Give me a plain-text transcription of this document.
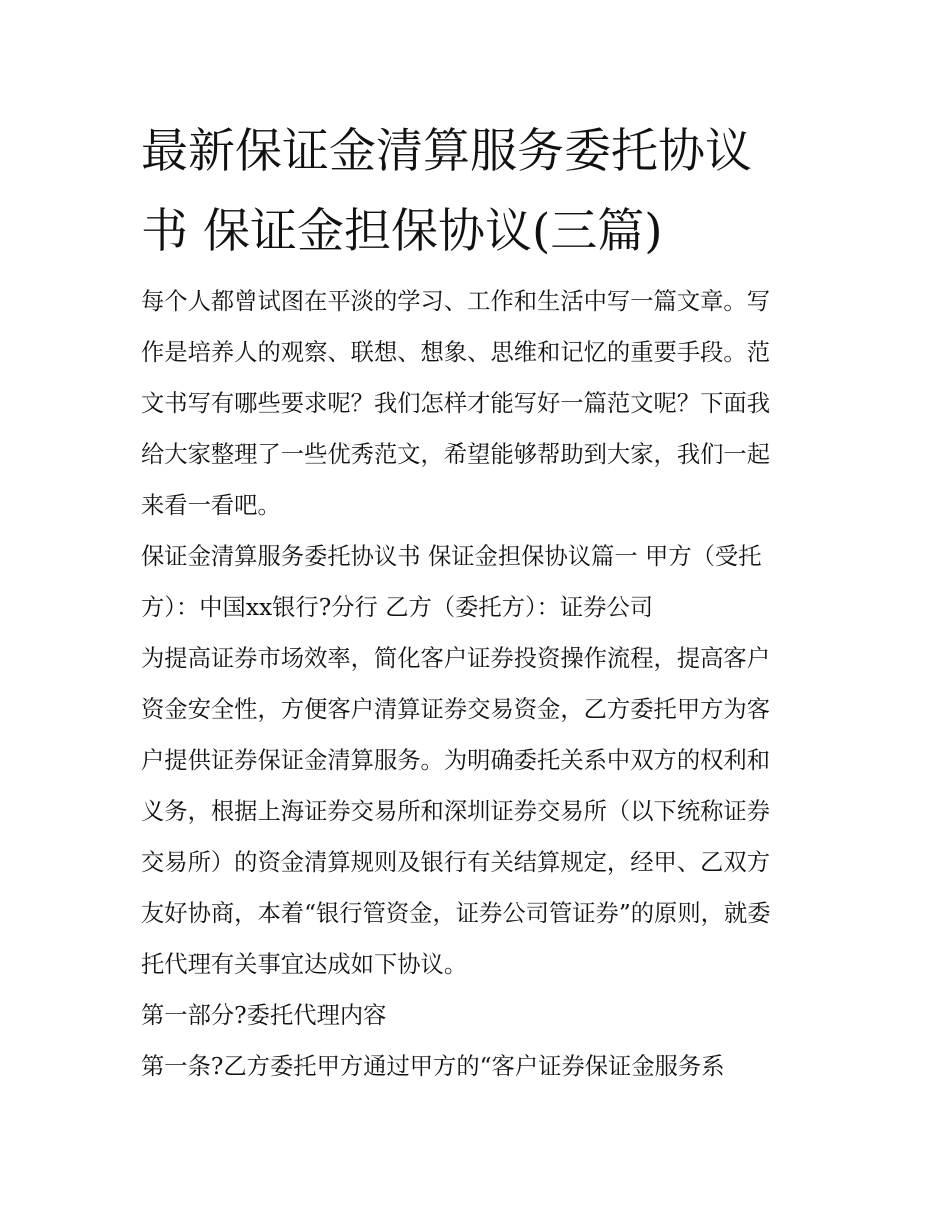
最新保证金清算服务委托协议
书 保证金担保协议(三篇)
每个人都曾试图在平淡的学习、工作和生活中写一篇文章。写
作是培养人的观察、联想、想象、思维和记忆的重要手段。范
文书写有哪些要求呢？我们怎样才能写好一篇范文呢？下面我
给大家整理了一些优秀范文，希望能够帮助到大家，我们一起
来看一看吧。
保证金清算服务委托协议书 保证金担保协议篇一 甲方（受托
方）：中国xx银行?分行 乙方（委托方）：证券公司
为提高证券市场效率，简化客户证券投资操作流程，提高客户
资金安全性，方便客户清算证券交易资金，乙方委托甲方为客
户提供证券保证金清算服务。为明确委托关系中双方的权利和
义务，根据上海证券交易所和深圳证券交易所（以下统称证券
交易所）的资金清算规则及银行有关结算规定，经甲、乙双方
友好协商，本着“银行管资金，证券公司管证券”的原则，就委
托代理有关事宜达成如下协议。
第一部分?委托代理内容
第一条?乙方委托甲方通过甲方的“客户证券保证金服务系
